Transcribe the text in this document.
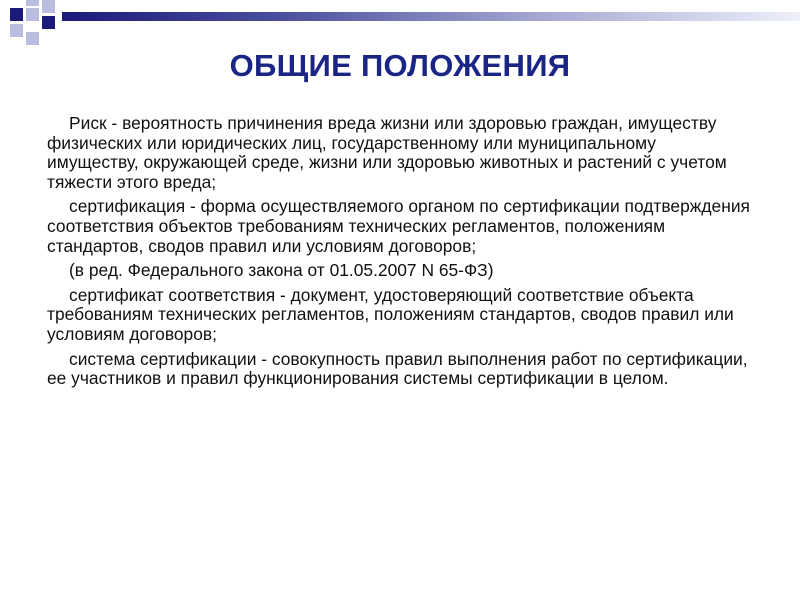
ОБЩИЕ ПОЛОЖЕНИЯ

Риск - вероятность причинения вреда жизни или здоровью граждан, имуществу физических или юридических лиц, государственному или муниципальному имуществу, окружающей среде, жизни или здоровью животных и растений с учетом тяжести этого вреда;

сертификация - форма осуществляемого органом по сертификации подтверждения соответствия объектов требованиям технических регламентов, положениям стандартов, сводов правил или условиям договоров;

(в ред. Федерального закона от 01.05.2007 N 65-ФЗ)

сертификат соответствия - документ, удостоверяющий соответствие объекта требованиям технических регламентов, положениям стандартов, сводов правил или условиям договоров;

система сертификации - совокупность правил выполнения работ по сертификации, ее участников и правил функционирования системы сертификации в целом.
